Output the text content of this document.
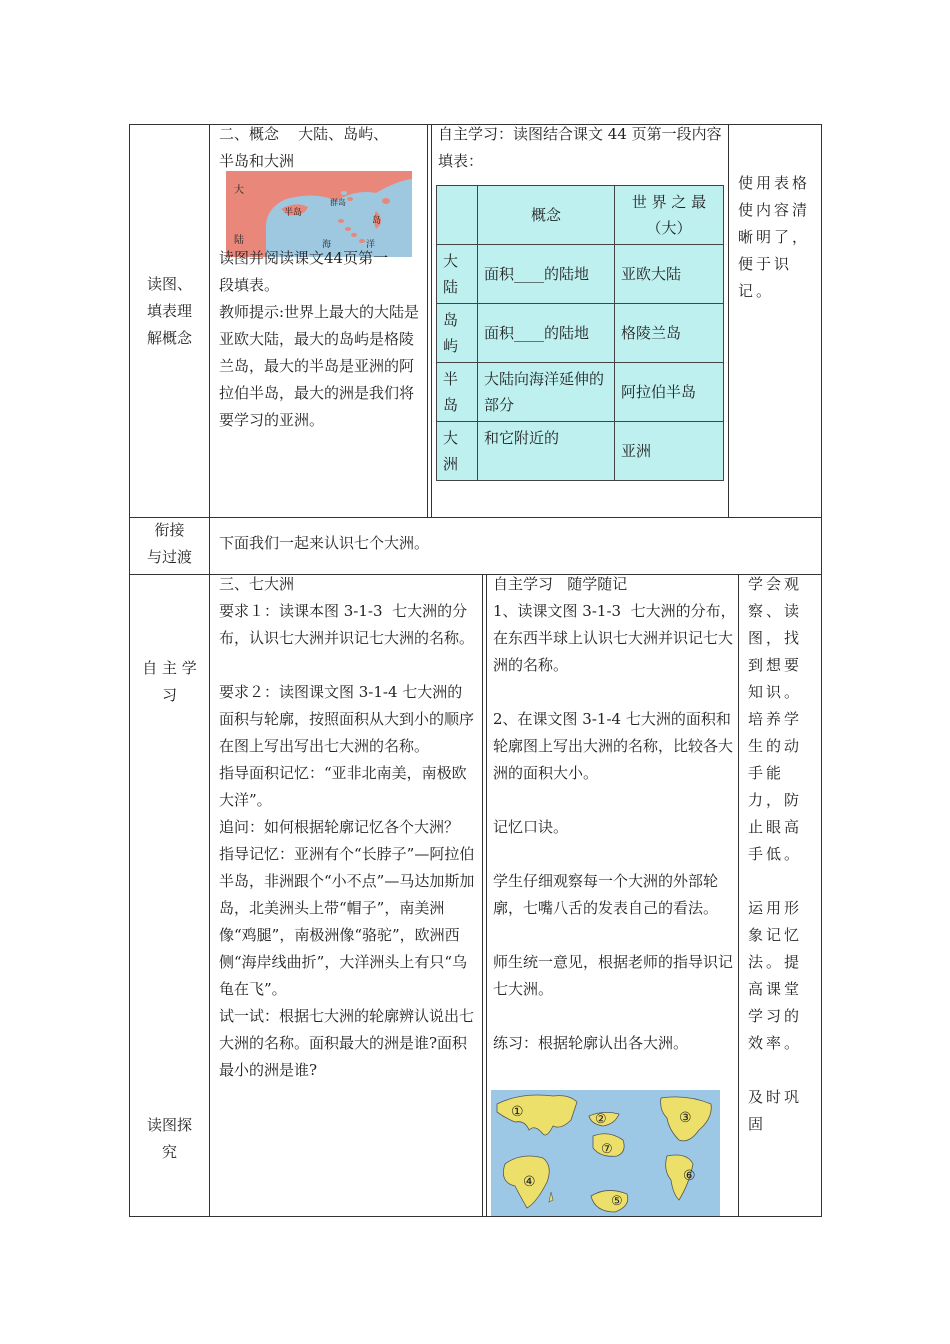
读图、
填表理
解概念
二、概念    大陆、岛屿、
半岛和大洲
大
陆
半岛
群岛
岛
海	洋
读图并阅读课文44页第一
段填表。
教师提示:世界上最大的大陆是亚欧大陆，最大的岛屿是格陵兰岛，最大的半岛是亚洲的阿拉伯半岛，最大的洲是我们将要学习的亚洲。
自主学习：读图结合课文 44 页第一段内容填表：
	概念	世 界 之 最
（大）
大
陆	面积____的陆地	亚欧大陆
岛
屿	面积____的陆地	格陵兰岛
半
岛	大陆向海洋延伸的部分	阿拉伯半岛
大
洲	和它附近的	亚洲
使用表格使内容清晰明了，便于识记。
衔接
与过渡
下面我们一起来认识七个大洲。
自 主 学
习
读图探
究
三、七大洲
要求１：读课本图 3-1-3  七大洲的分布，认识七大洲并识记七大洲的名称。

要求２：读图课文图 3-1-4 七大洲的面积与轮廓，按照面积从大到小的顺序在图上写出写出七大洲的名称。
指导面积记忆：“亚非北南美，南极欧大洋”。
追问：如何根据轮廓记忆各个大洲？
指导记忆：亚洲有个“长脖子”—阿拉伯半岛，非洲跟个“小不点”—马达加斯加岛，北美洲头上带“帽子”，南美洲像“鸡腿”，南极洲像“骆驼”，欧洲西侧“海岸线曲折”，大洋洲头上有只“乌龟在飞”。
试一试：根据七大洲的轮廓辨认说出七大洲的名称。面积最大的洲是谁?面积最小的洲是谁?
自主学习   随学随记
1、读课文图 3-1-3  七大洲的分布，在东西半球上认识七大洲并识记七大洲的名称。

2、在课文图 3-1-4 七大洲的面积和轮廓图上写出大洲的名称，比较各大洲的面积大小。

记忆口诀。

学生仔细观察每一个大洲的外部轮廓，七嘴八舌的发表自己的看法。

师生统一意见，根据老师的指导识记七大洲。

练习：根据轮廓认出各大洲。
①	②	③
④
⑤
⑥
⑦
学会观察、读图，找到想要知识。
培养学生的动手能力，防止眼高手低。

运用形象记忆法。提高课堂学习的效率。

及时巩固
